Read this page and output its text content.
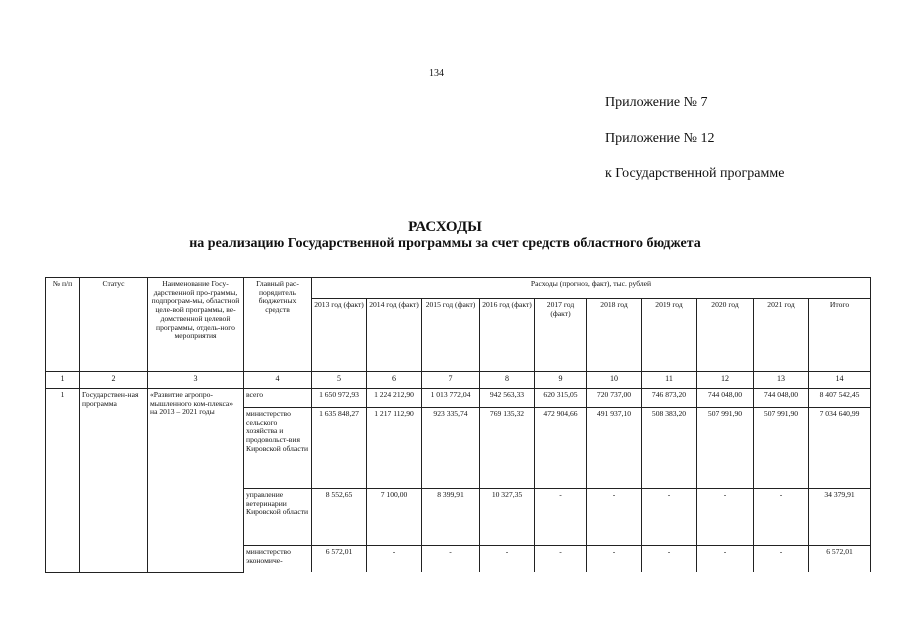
134
Приложение № 7
Приложение № 12
к Государственной программе
РАСХОДЫ
на реализацию Государственной программы за счет средств областного бюджета
№ п/п	Статус	Наименование Госу-дарственной про-граммы, подпрограм-мы, областной целе-вой программы, ве-домственной целевой программы, отдель-ного мероприятия	Главный рас-порядитель бюджетных средств	Расходы (прогноз, факт), тыс. рублей									
				2013 год (факт)	2014 год (факт)	2015 год (факт)	2016 год (факт)	2017 год (факт)	2018 год	2019 год	2020 год	2021 год	Итого
1	2	3	4	5	6	7	8	9	10	11	12	13	14
1	Государствен-ная программа	«Развитие агропро-мышленного ком-плекса» на 2013 – 2021 годы	всего	1 650 972,93	1 224 212,90	1 013 772,04	942 563,33	620 315,05	720 737,00	746 873,20	744 048,00	744 048,00	8 407 542,45
			министерство сельского хозяйства и продовольст-вия Кировской области	1 635 848,27	1 217 112,90	923 335,74	769 135,32	472 904,66	491 937,10	508 383,20	507 991,90	507 991,90	7 034 640,99
			управление ветеринарии Кировской области	8 552,65	7 100,00	8 399,91	10 327,35	-	-	-	-	-	34 379,91
			министерство экономиче-	6 572,01	-	-	-	-	-	-	-	-	6 572,01
